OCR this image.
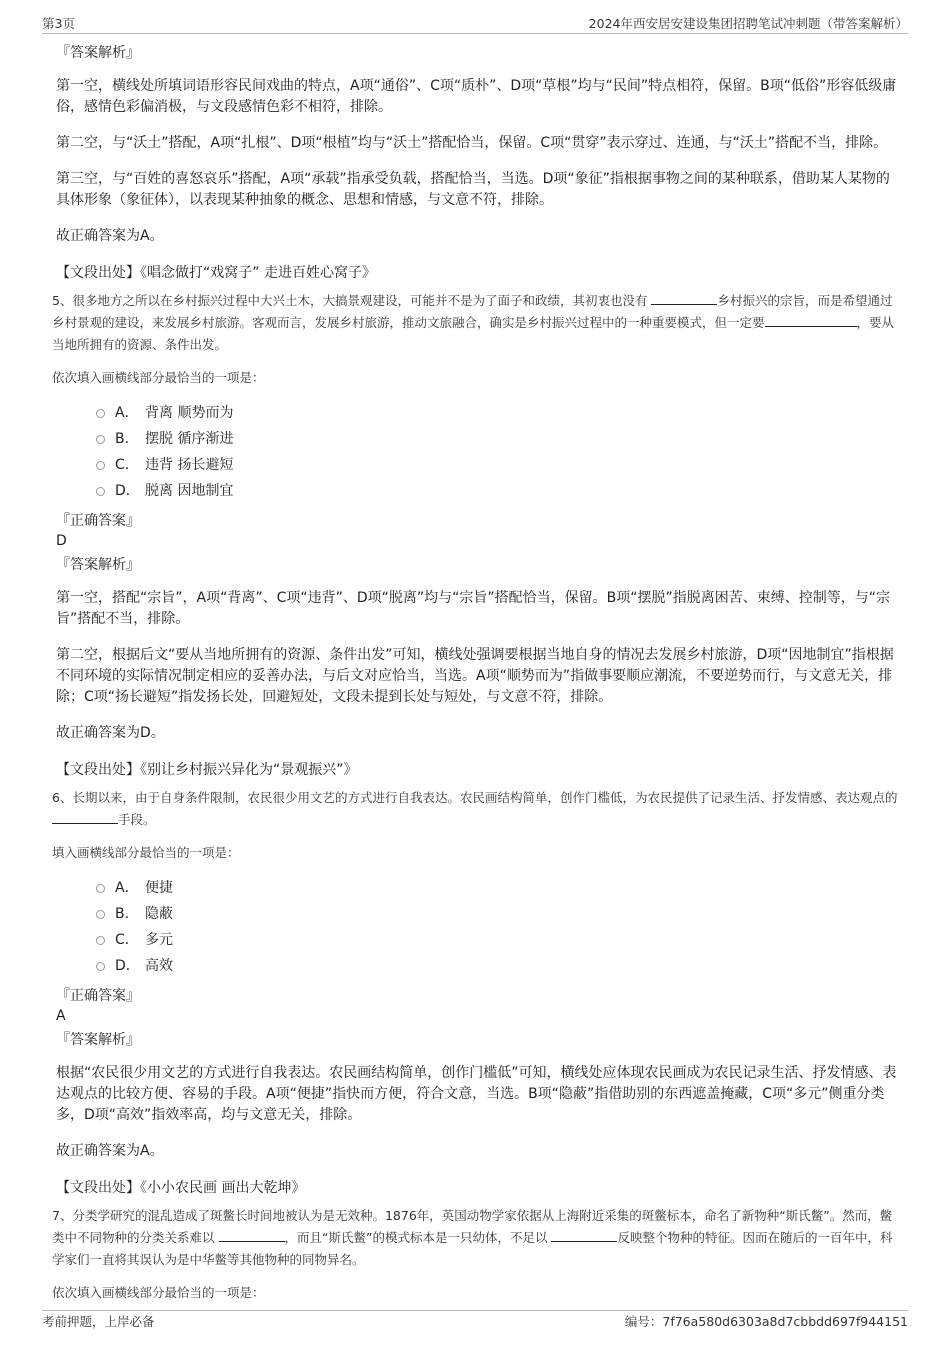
第3页	2024年西安居安建设集团招聘笔试冲刺题（带答案解析）
『答案解析』

第一空，横线处所填词语形容民间戏曲的特点，A项“通俗”、C项“质朴”、D项“草根”均与“民间”特点相符，保留。B项“低俗”形容低级庸俗，感情色彩偏消极，与文段感情色彩不相符，排除。

第二空，与“沃土”搭配，A项“扎根”、D项“根植”均与“沃土”搭配恰当，保留。C项“贯穿”表示穿过、连通，与“沃土”搭配不当，排除。

第三空，与“百姓的喜怒哀乐”搭配，A项“承载”指承受负载，搭配恰当，当选。D项“象征”指根据事物之间的某种联系，借助某人某物的具体形象（象征体），以表现某种抽象的概念、思想和情感，与文意不符，排除。

故正确答案为A。

【文段出处】《唱念做打“戏窝子” 走进百姓心窝子》
5、很多地方之所以在乡村振兴过程中大兴土木，大搞景观建设，可能并不是为了面子和政绩，其初衷也没有	乡村振兴的宗旨，而是希望通过乡村景观的建设，来发展乡村旅游。客观而言，发展乡村旅游，推动文旅融合，确实是乡村振兴过程中的一种重要模式，但一定要	，要从当地所拥有的资源、条件出发。
依次填入画横线部分最恰当的一项是：
A． 背离 顺势而为
B． 摆脱 循序渐进
C． 违背 扬长避短
D． 脱离 因地制宜
『正确答案』
D
『答案解析』

第一空，搭配“宗旨”，A项“背离”、C项“违背”、D项“脱离”均与“宗旨”搭配恰当，保留。B项“摆脱”指脱离困苦、束缚、控制等，与“宗旨”搭配不当，排除。

第二空，根据后文“要从当地所拥有的资源、条件出发”可知，横线处强调要根据当地自身的情况去发展乡村旅游，D项“因地制宜”指根据不同环境的实际情况制定相应的妥善办法，与后文对应恰当，当选。A项“顺势而为”指做事要顺应潮流，不要逆势而行，与文意无关，排除；C项“扬长避短”指发扬长处，回避短处，文段未提到长处与短处，与文意不符，排除。

故正确答案为D。

【文段出处】《别让乡村振兴异化为“景观振兴”》
6、长期以来，由于自身条件限制，农民很少用文艺的方式进行自我表达。农民画结构简单，创作门槛低，为农民提供了记录生活、抒发情感、表达观点的手段。
填入画横线部分最恰当的一项是：
A． 便捷
B． 隐蔽
C． 多元
D． 高效
『正确答案』
A
『答案解析』

根据“农民很少用文艺的方式进行自我表达。农民画结构简单，创作门槛低”可知，横线处应体现农民画成为农民记录生活、抒发情感、表达观点的比较方便、容易的手段。A项“便捷”指快而方便，符合文意，当选。B项“隐蔽”指借助别的东西遮盖掩藏，C项“多元”侧重分类多，D项“高效”指效率高，均与文意无关，排除。

故正确答案为A。

【文段出处】《小小农民画 画出大乾坤》
7、分类学研究的混乱造成了斑鳖长时间地被认为是无效种。1876年，英国动物学家依据从上海附近采集的斑鳖标本，命名了新物种“斯氏鳖”。然而，鳖类中不同物种的分类关系难以	，而且“斯氏鳖”的模式标本是一只幼体，不足以	反映整个物种的特征。因而在随后的一百年中，科学家们一直将其误认为是中华鳖等其他物种的同物异名。
依次填入画横线部分最恰当的一项是：
考前押题，上岸必备	编号：7f76a580d6303a8d7cbbdd697f944151
